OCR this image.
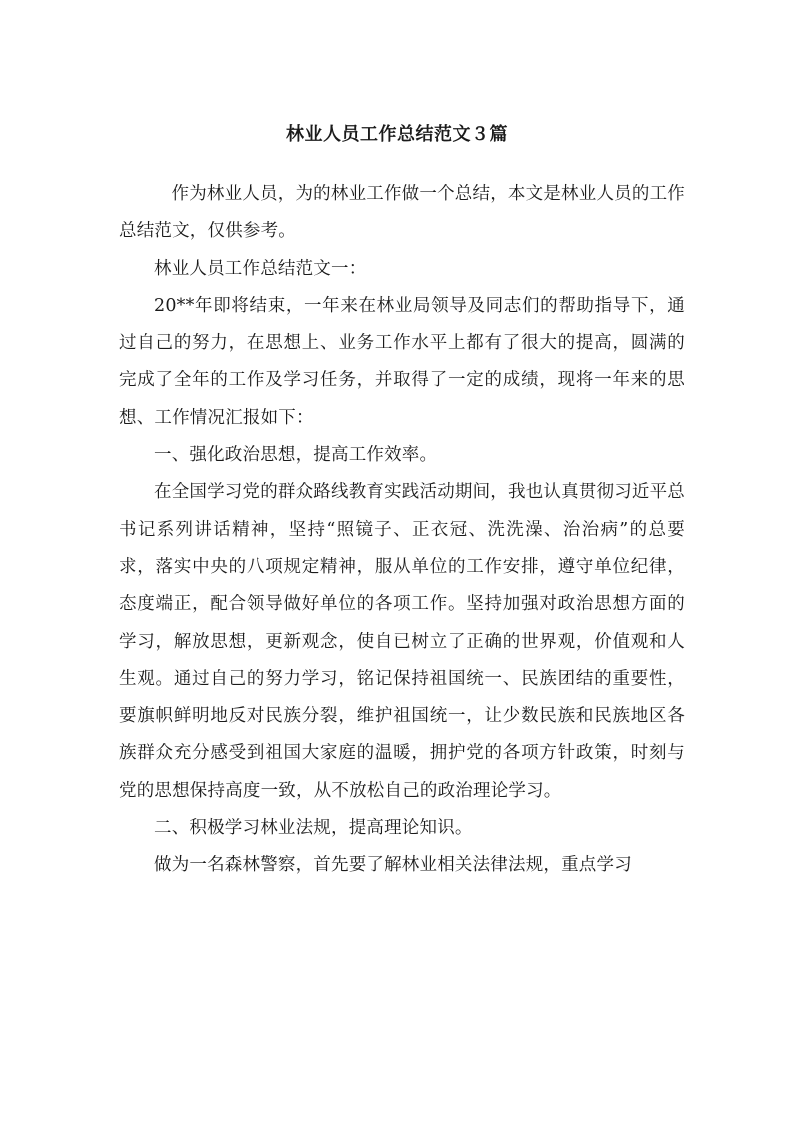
林业人员工作总结范文３篇

作为林业人员，为的林业工作做一个总结，本文是林业人员的工作总结范文，仅供参考。

林业人员工作总结范文一：

20**年即将结束，一年来在林业局领导及同志们的帮助指导下，通过自己的努力，在思想上、业务工作水平上都有了很大的提高，圆满的完成了全年的工作及学习任务，并取得了一定的成绩，现将一年来的思想、工作情况汇报如下：

一、强化政治思想，提高工作效率。

在全国学习党的群众路线教育实践活动期间，我也认真贯彻习近平总书记系列讲话精神，坚持“照镜子、正衣冠、洗洗澡、治治病”的总要求，落实中央的八项规定精神，服从单位的工作安排，遵守单位纪律，态度端正，配合领导做好单位的各项工作。坚持加强对政治思想方面的学习，解放思想，更新观念，使自已树立了正确的世界观，价值观和人生观。通过自己的努力学习，铭记保持祖国统一、民族团结的重要性，要旗帜鲜明地反对民族分裂，维护祖国统一，让少数民族和民族地区各族群众充分感受到祖国大家庭的温暖，拥护党的各项方针政策，时刻与党的思想保持高度一致，从不放松自己的政治理论学习。

二、积极学习林业法规，提高理论知识。

做为一名森林警察，首先要了解林业相关法律法规，重点学习
